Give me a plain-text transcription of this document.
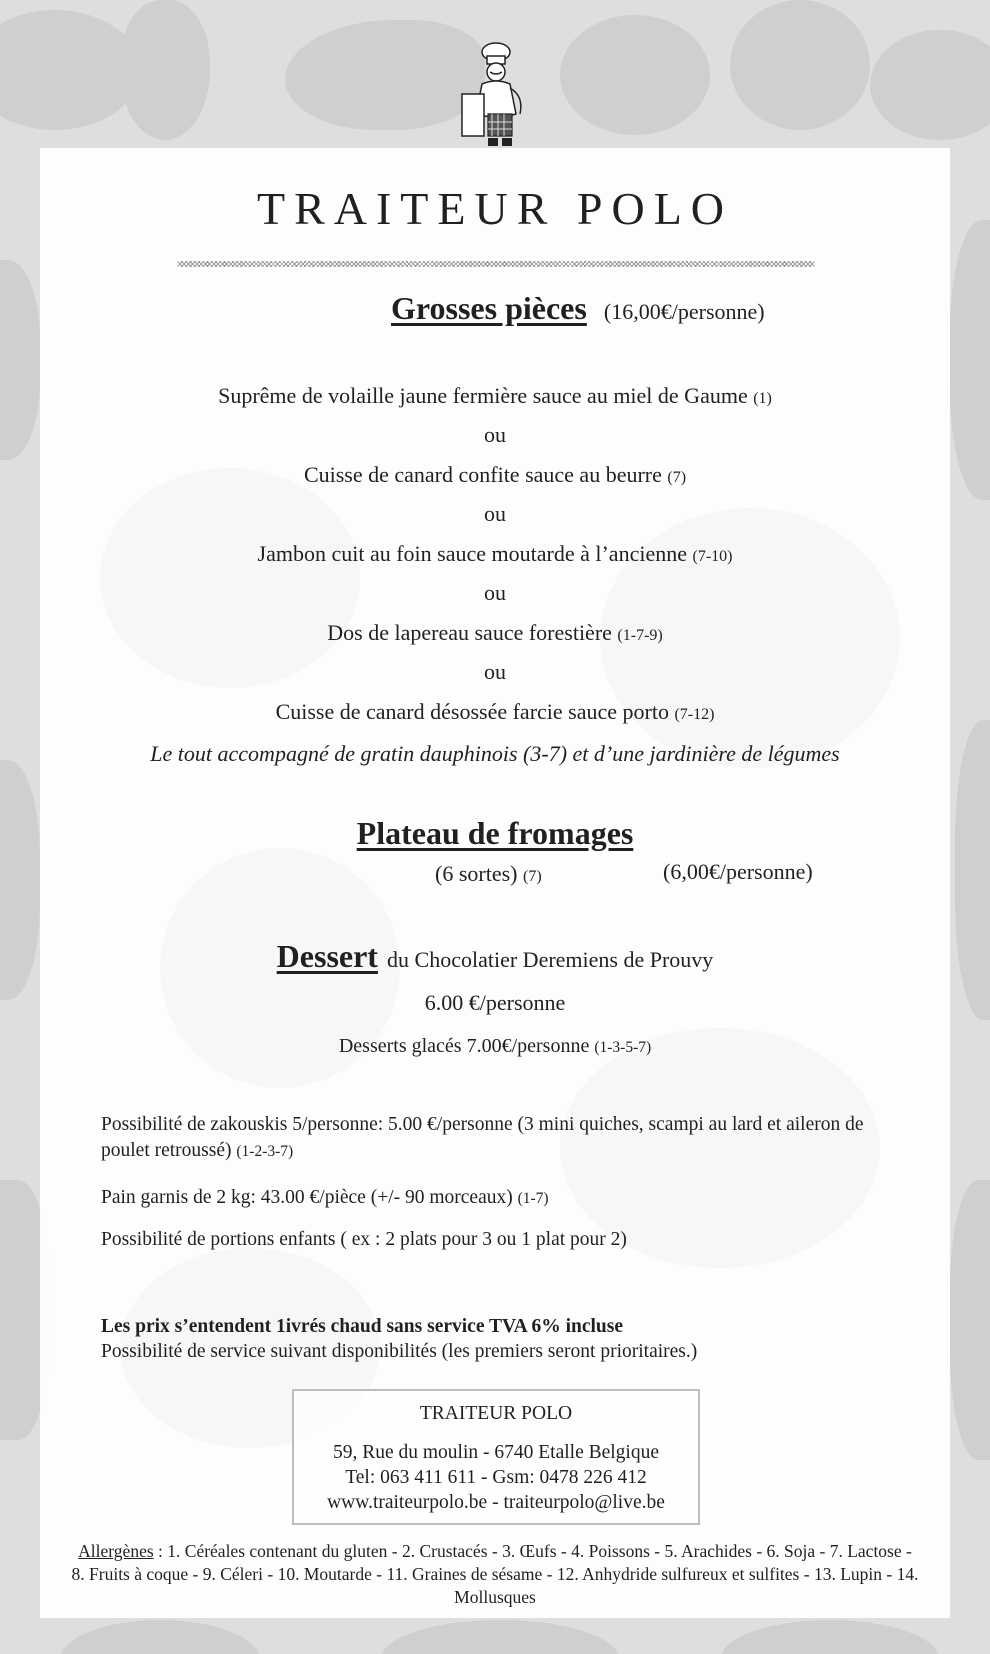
TRAITEUR POLO
Grosses pièces (16,00€/personne)
Suprême de volaille jaune fermière sauce au miel de Gaume (1)
ou
Cuisse de canard confite sauce au beurre (7)
ou
Jambon cuit au foin sauce moutarde à l’ancienne (7-10)
ou
Dos de lapereau sauce forestière (1-7-9)
ou
Cuisse de canard désossée farcie sauce porto (7-12)
Le tout accompagné de gratin dauphinois (3-7) et d’une jardinière de légumes
Plateau de fromages
(6 sortes) (7)	(6,00€/personne)
Dessert du Chocolatier Deremiens de Prouvy
6.00 €/personne
Desserts glacés 7.00€/personne (1-3-5-7)
Possibilité de zakouskis 5/personne: 5.00 €/personne (3 mini quiches, scampi au lard et aileron de poulet retroussé) (1-2-3-7)
Pain garnis de 2 kg: 43.00 €/pièce (+/- 90 morceaux) (1-7)
Possibilité de portions enfants ( ex : 2 plats pour 3 ou 1 plat pour 2)
Les prix s’entendent 1ivrés chaud sans service TVA 6% incluse
Possibilité de service suivant disponibilités (les premiers seront prioritaires.)
TRAITEUR POLO
59, Rue du moulin - 6740 Etalle Belgique
Tel: 063 411 611 - Gsm: 0478 226 412
www.traiteurpolo.be - traiteurpolo@live.be
Allergènes : 1. Céréales contenant du gluten - 2. Crustacés - 3. Œufs - 4. Poissons - 5. Arachides - 6. Soja - 7. Lactose - 8. Fruits à coque - 9. Céleri - 10. Moutarde - 11. Graines de sésame - 12. Anhydride sulfureux et sulfites - 13. Lupin - 14. Mollusques
